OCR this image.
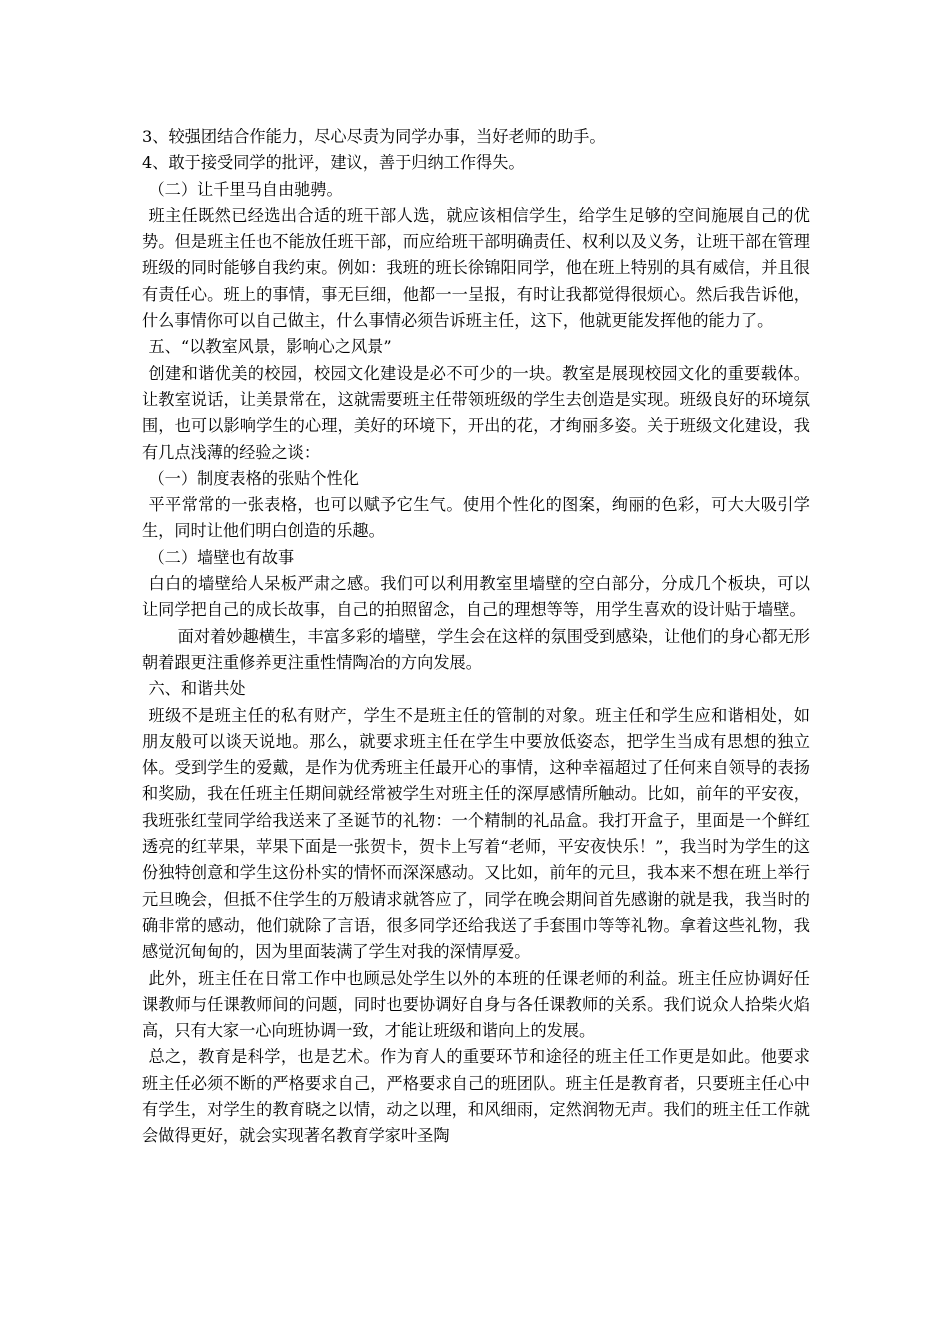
3、较强团结合作能力，尽心尽责为同学办事，当好老师的助手。

4、敢于接受同学的批评，建议，善于归纳工作得失。

（二）让千里马自由驰骋。

班主任既然已经选出合适的班干部人选，就应该相信学生，给学生足够的空间施展自己的优势。但是班主任也不能放任班干部，而应给班干部明确责任、权利以及义务，让班干部在管理班级的同时能够自我约束。例如：我班的班长徐锦阳同学，他在班上特别的具有威信，并且很有责任心。班上的事情，事无巨细，他都一一呈报，有时让我都觉得很烦心。然后我告诉他，什么事情你可以自己做主，什么事情必须告诉班主任，这下，他就更能发挥他的能力了。

五、“以教室风景，影响心之风景”

创建和谐优美的校园，校园文化建设是必不可少的一块。教室是展现校园文化的重要载体。让教室说话，让美景常在，这就需要班主任带领班级的学生去创造是实现。班级良好的环境氛围，也可以影响学生的心理，美好的环境下，开出的花，才绚丽多姿。关于班级文化建设，我有几点浅薄的经验之谈：

（一）制度表格的张贴个性化

平平常常的一张表格，也可以赋予它生气。使用个性化的图案，绚丽的色彩，可大大吸引学生，同时让他们明白创造的乐趣。

（二）墙壁也有故事

白白的墙壁给人呆板严肃之感。我们可以利用教室里墙壁的空白部分，分成几个板块，可以让同学把自己的成长故事，自己的拍照留念，自己的理想等等，用学生喜欢的设计贴于墙壁。

面对着妙趣横生，丰富多彩的墙壁，学生会在这样的氛围受到感染，让他们的身心都无形朝着跟更注重修养更注重性情陶冶的方向发展。

六、和谐共处

班级不是班主任的私有财产，学生不是班主任的管制的对象。班主任和学生应和谐相处，如朋友般可以谈天说地。那么，就要求班主任在学生中要放低姿态，把学生当成有思想的独立体。受到学生的爱戴，是作为优秀班主任最开心的事情，这种幸福超过了任何来自领导的表扬和奖励，我在任班主任期间就经常被学生对班主任的深厚感情所触动。比如，前年的平安夜，我班张红莹同学给我送来了圣诞节的礼物：一个精制的礼品盒。我打开盒子，里面是一个鲜红透亮的红苹果，苹果下面是一张贺卡，贺卡上写着“老师，平安夜快乐！”，我当时为学生的这份独特创意和学生这份朴实的情怀而深深感动。又比如，前年的元旦，我本来不想在班上举行元旦晚会，但抵不住学生的万般请求就答应了，同学在晚会期间首先感谢的就是我，我当时的确非常的感动，他们就除了言语，很多同学还给我送了手套围巾等等礼物。拿着这些礼物，我感觉沉甸甸的，因为里面装满了学生对我的深情厚爱。

此外，班主任在日常工作中也顾忌处学生以外的本班的任课老师的利益。班主任应协调好任课教师与任课教师间的问题，同时也要协调好自身与各任课教师的关系。我们说众人拾柴火焰高，只有大家一心向班协调一致，才能让班级和谐向上的发展。

总之，教育是科学，也是艺术。作为育人的重要环节和途径的班主任工作更是如此。他要求班主任必须不断的严格要求自己，严格要求自己的班团队。班主任是教育者，只要班主任心中有学生，对学生的教育晓之以情，动之以理，和风细雨，定然润物无声。我们的班主任工作就会做得更好，就会实现著名教育学家叶圣陶
